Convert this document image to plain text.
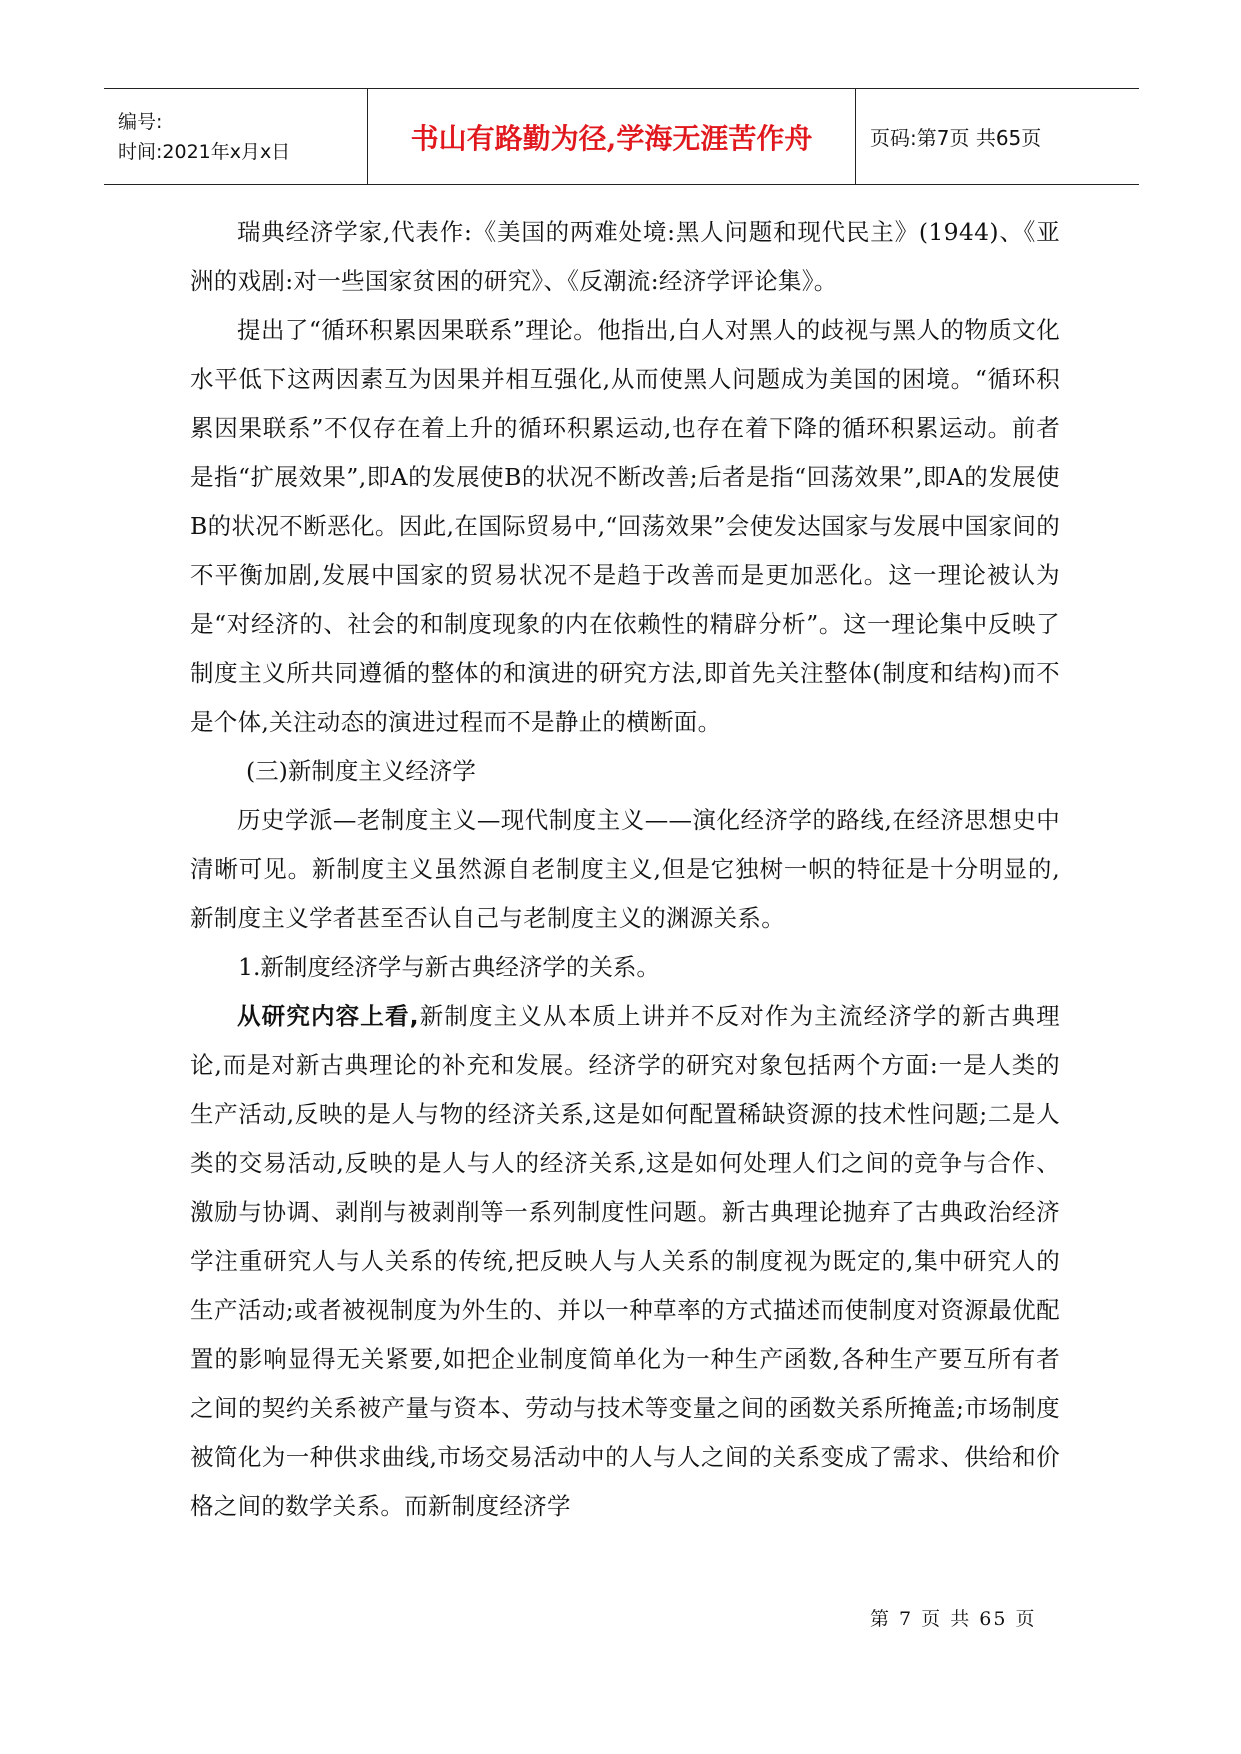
编号:
时间:2021年x月x日	书山有路勤为径,学海无涯苦作舟	页码:第7页 共65页

瑞典经济学家,代表作:《美国的两难处境:黑人问题和现代民主》(1944)、《亚洲的戏剧:对一些国家贫困的研究》、《反潮流:经济学评论集》。

提出了“循环积累因果联系”理论。他指出,白人对黑人的歧视与黑人的物质文化水平低下这两因素互为因果并相互强化,从而使黑人问题成为美国的困境。“循环积累因果联系”不仅存在着上升的循环积累运动,也存在着下降的循环积累运动。前者是指“扩展效果”,即A的发展使B的状况不断改善;后者是指“回荡效果”,即A的发展使B的状况不断恶化。因此,在国际贸易中,“回荡效果”会使发达国家与发展中国家间的不平衡加剧,发展中国家的贸易状况不是趋于改善而是更加恶化。这一理论被认为是“对经济的、社会的和制度现象的内在依赖性的精辟分析”。这一理论集中反映了制度主义所共同遵循的整体的和演进的研究方法,即首先关注整体(制度和结构)而不是个体,关注动态的演进过程而不是静止的横断面。

(三)新制度主义经济学

历史学派—老制度主义—现代制度主义——演化经济学的路线,在经济思想史中清晰可见。新制度主义虽然源自老制度主义,但是它独树一帜的特征是十分明显的,新制度主义学者甚至否认自己与老制度主义的渊源关系。

1.新制度经济学与新古典经济学的关系。

从研究内容上看,新制度主义从本质上讲并不反对作为主流经济学的新古典理论,而是对新古典理论的补充和发展。经济学的研究对象包括两个方面:一是人类的生产活动,反映的是人与物的经济关系,这是如何配置稀缺资源的技术性问题;二是人类的交易活动,反映的是人与人的经济关系,这是如何处理人们之间的竞争与合作、激励与协调、剥削与被剥削等一系列制度性问题。新古典理论抛弃了古典政治经济学注重研究人与人关系的传统,把反映人与人关系的制度视为既定的,集中研究人的生产活动;或者被视制度为外生的、并以一种草率的方式描述而使制度对资源最优配置的影响显得无关紧要,如把企业制度简单化为一种生产函数,各种生产要互所有者之间的契约关系被产量与资本、劳动与技术等变量之间的函数关系所掩盖;市场制度被简化为一种供求曲线,市场交易活动中的人与人之间的关系变成了需求、供给和价格之间的数学关系。而新制度经济学

第 7 页 共 65 页
